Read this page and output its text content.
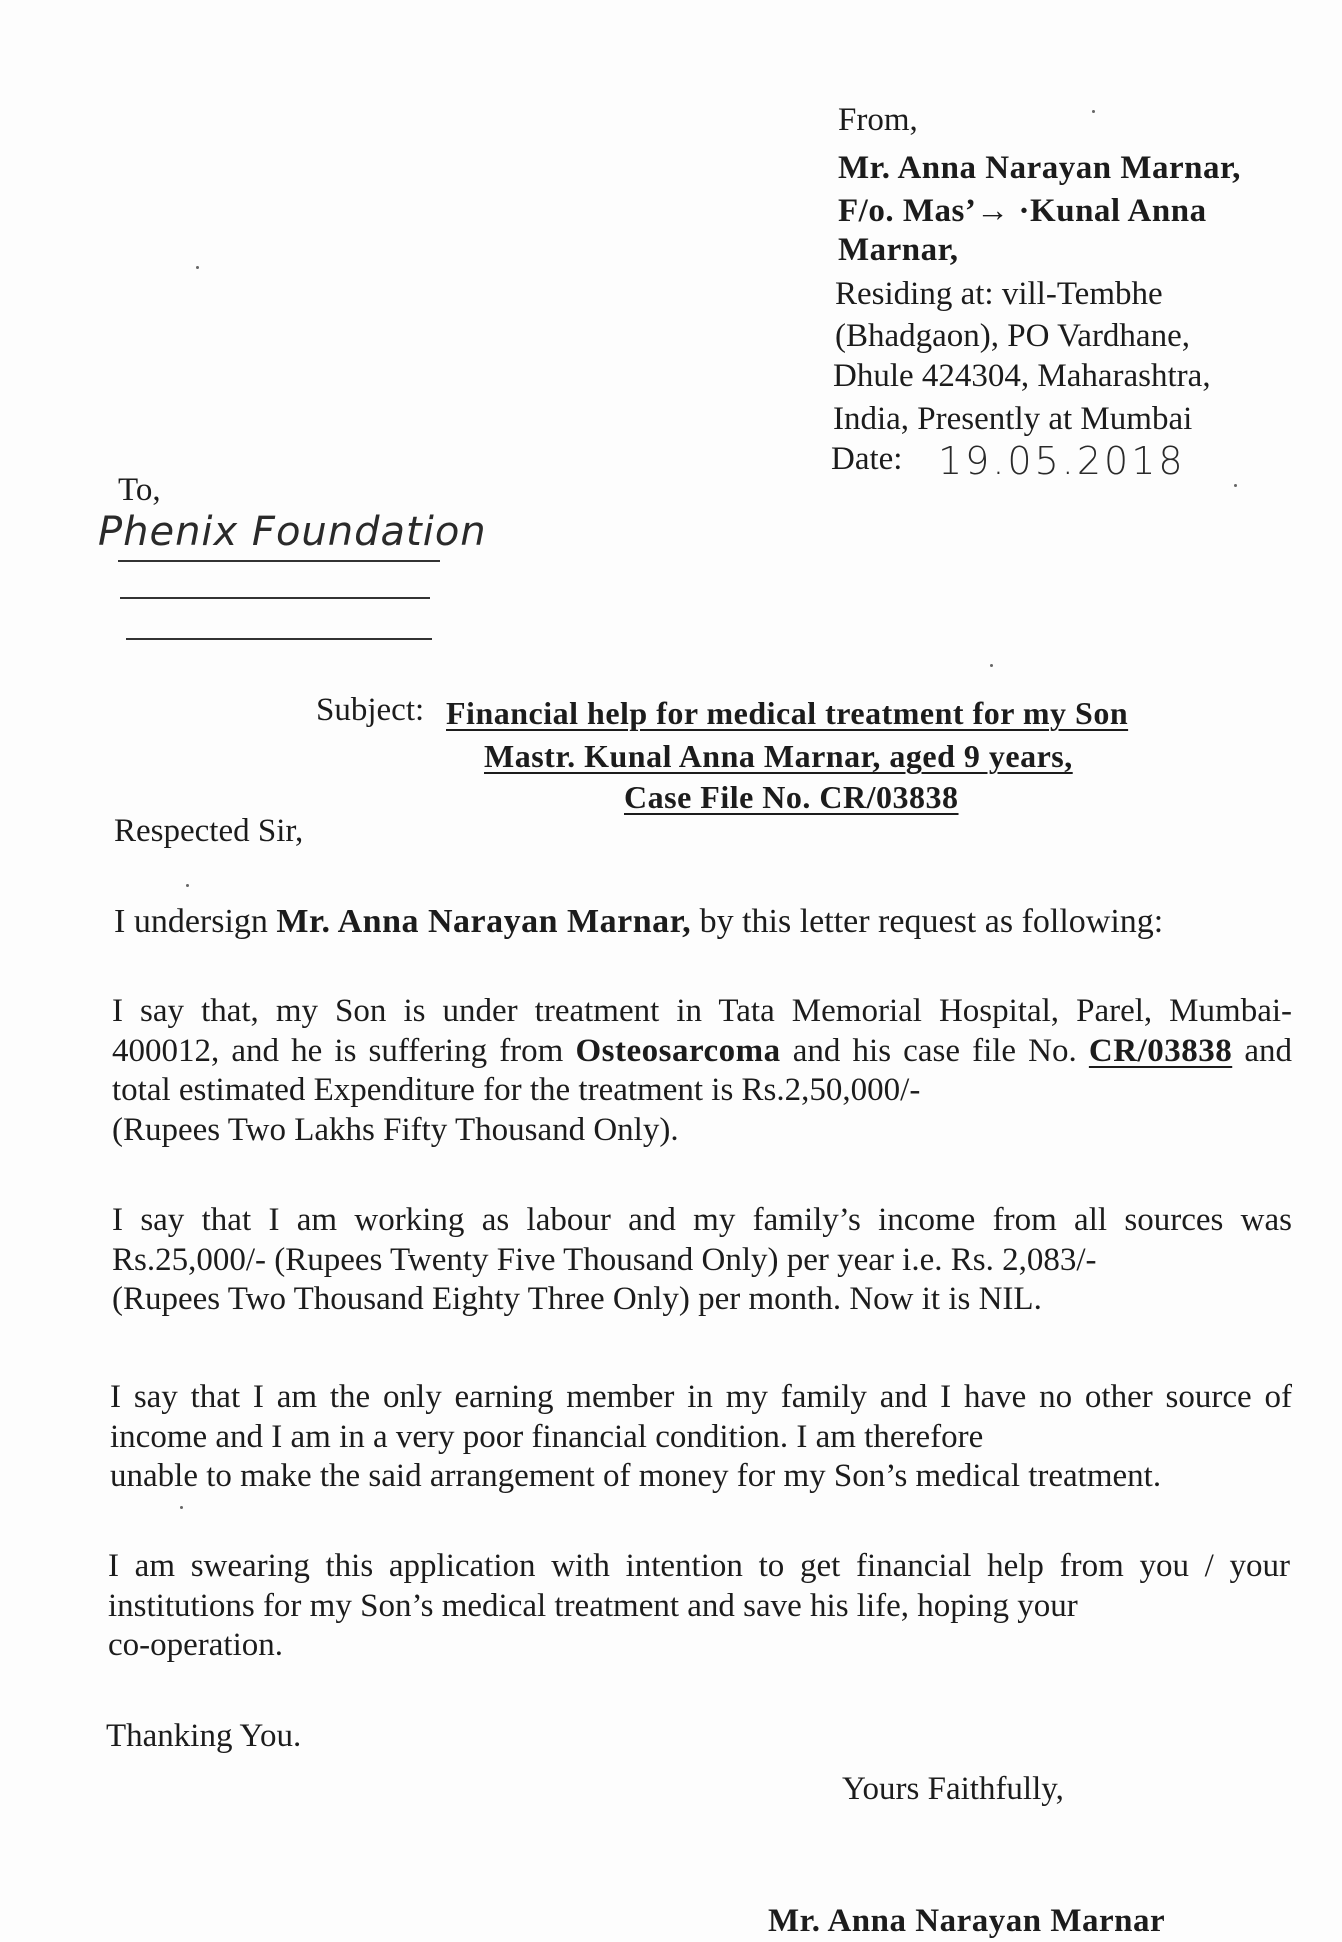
From,
Mr. Anna Narayan Marnar,
F/o. Mas’→ ·Kunal Anna
Marnar,
Residing at: vill-Tembhe
(Bhadgaon), PO Vardhane,
Dhule 424304, Maharashtra,
India, Presently at Mumbai
Date: 19.05.2018
To,
Phenix Foundation
Subject: Financial help for medical treatment for my Son
Mastr. Kunal Anna Marnar, aged 9 years,
Case File No. CR/03838
Respected Sir,
I undersign Mr. Anna Narayan Marnar, by this letter request as following:
I say that, my Son is under treatment in Tata Memorial Hospital, Parel, Mumbai- 400012, and he is suffering from Osteosarcoma and his case file No. CR/03838 and total estimated Expenditure for the treatment is Rs.2,50,000/-
(Rupees Two Lakhs Fifty Thousand Only).
I say that I am working as labour and my family’s income from all sources was Rs.25,000/- (Rupees Twenty Five Thousand Only) per year i.e. Rs. 2,083/-
(Rupees Two Thousand Eighty Three Only) per month. Now it is NIL.
I say that I am the only earning member in my family and I have no other source of income and I am in a very poor financial condition. I am therefore
unable to make the said arrangement of money for my Son’s medical treatment.
I am swearing this application with intention to get financial help from you / your institutions for my Son’s medical treatment and save his life, hoping your
co-operation.
Thanking You.
Yours Faithfully,
Mr. Anna Narayan Marnar
